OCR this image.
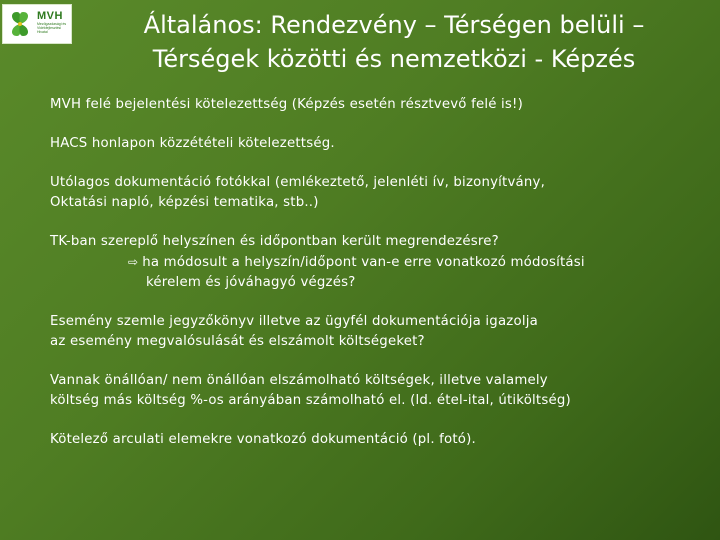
MVH
Mezőgazdasági és Vidékfejlesztési Hivatal	Általános: Rendezvény – Térségen belüli –
Térségek közötti és nemzetközi - Képzés
MVH felé bejelentési kötelezettség (Képzés esetén résztvevő felé is!)
HACS honlapon közzétételi kötelezettség.
Utólagos dokumentáció fotókkal (emlékeztető, jelenléti ív, bizonyítvány,
Oktatási napló, képzési tematika, stb..)
TK-ban szereplő helyszínen és időpontban került megrendezésre?
⇨ ha módosult a helyszín/időpont van-e erre vonatkozó módosítási
kérelem és jóváhagyó végzés?
Esemény szemle jegyzőkönyv illetve az ügyfél dokumentációja igazolja
az esemény megvalósulását és elszámolt költségeket?
Vannak önállóan/ nem önállóan elszámolható költségek, illetve valamely
költség más költség %-os arányában számolható el. (ld. étel-ital, útiköltség)
Kötelező arculati elemekre vonatkozó dokumentáció (pl. fotó).
